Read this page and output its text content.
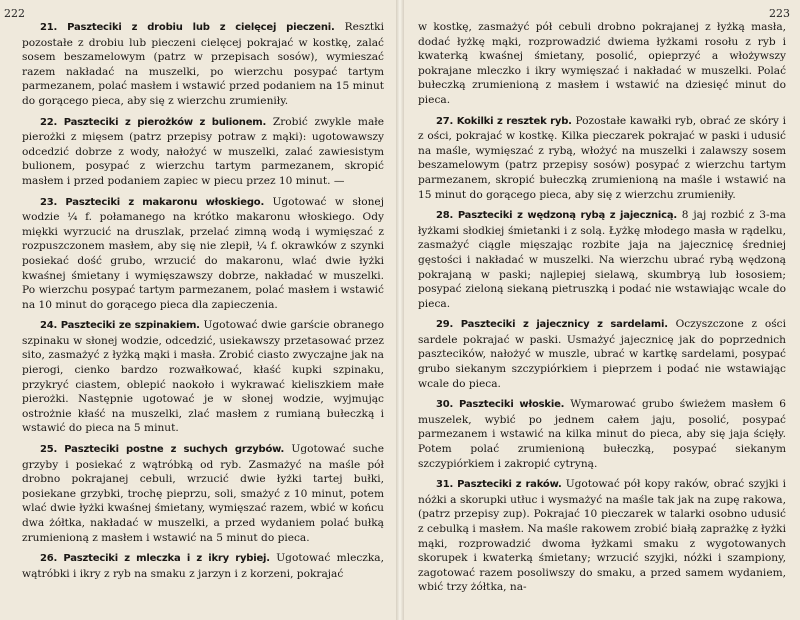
222

21. Paszteciki z drobiu lub z cielęcej pieczeni. Resztki pozostałe z drobiu lub pieczeni cielęcej pokrajać w kostkę, zalać sosem beszamelowym (patrz w przepisach sosów), wymieszać razem nakładać na muszelki, po wierzchu posypać tartym parmezanem, polać masłem i wstawić przed podaniem na 15 minut do gorącego pieca, aby się z wierzchu zrumieniły.

22. Paszteciki z pierożków z bulionem. Zrobić zwykle małe pierożki z mięsem (patrz przepisy potraw z mąki): ugotowawszy odcedzić dobrze z wody, nałożyć w muszelki, zalać zawiesistym bulionem, posypać z wierzchu tartym parmezanem, skropić masłem i przed podaniem zapiec w piecu przez 10 minut. —

23. Paszteciki z makaronu włoskiego. Ugotować w słonej wodzie ¼ f. połamanego na krótko makaronu włoskiego. Ody miękki wyrzucić na druszlak, przelać zimną wodą i wymięszać z rozpuszczonem masłem, aby się nie zlepił, ¼ f. okrawków z szynki posiekać dość grubo, wrzucić do makaronu, wlać dwie łyżki kwaśnej śmietany i wymięszawszy dobrze, nakładać w muszelki. Po wierzchu posypać tartym parmezanem, polać masłem i wstawić na 10 minut do gorącego pieca dla zapieczenia.

24. Paszteciki ze szpinakiem. Ugotować dwie garście obranego szpinaku w słonej wodzie, odcedzić, usiekawszy przetasować przez sito, zasmażyć z łyżką mąki i masła. Zrobić ciasto zwyczajne jak na pierogi, cienko bardzo rozwałkować, kłaść kupki szpinaku, przykryć ciastem, oblepić naokoło i wykrawać kieliszkiem małe pierożki. Następnie ugotować je w słonej wodzie, wyjmując ostrożnie kłaść na muszelki, zlać masłem z rumianą bułeczką i wstawić do pieca na 5 minut.

25. Paszteciki postne z suchych grzybów. Ugotować suche grzyby i posiekać z wątróbką od ryb. Zasmażyć na maśle pół drobno pokrajanej cebuli, wrzucić dwie łyżki tartej bułki, posiekane grzybki, trochę pieprzu, soli, smażyć z 10 minut, potem wlać dwie łyżki kwaśnej śmietany, wymięszać razem, wbić w końcu dwa żółtka, nakładać w muszelki, a przed wydaniem polać bułką zrumienioną z masłem i wstawić na 5 minut do pieca.

26. Paszteciki z mleczka i z ikry rybiej. Ugotować mleczka, wątróbki i ikry z ryb na smaku z jarzyn i z korzeni, pokrajać

223

w kostkę, zasmażyć pół cebuli drobno pokrajanej z łyżką masła, dodać łyżkę mąki, rozprowadzić dwiema łyżkami rosołu z ryb i kwaterką kwaśnej śmietany, posolić, opieprzyć a włożywszy pokrajane mleczko i ikry wymięszać i nakładać w muszelki. Polać bułeczką zrumienioną z masłem i wstawić na dziesięć minut do pieca.

27. Kokilki z resztek ryb. Pozostałe kawałki ryb, obrać ze skóry i z ości, pokrajać w kostkę. Kilka pieczarek pokrajać w paski i udusić na maśle, wymięszać z rybą, włożyć na muszelki i zalawszy sosem beszamelowym (patrz przepisy sosów) posypać z wierzchu tartym parmezanem, skropić bułeczką zrumienioną na maśle i wstawić na 15 minut do gorącego pieca, aby się z wierzchu zrumieniły.

28. Paszteciki z wędzoną rybą z jajecznicą. 8 jaj rozbić z 3-ma łyżkami słodkiej śmietanki i z solą. Łyżkę młodego masła w rądelku, zasmażyć ciągle mięszając rozbite jaja na jajecznicę średniej gęstości i nakładać w muszelki. Na wierzchu ubrać rybą wędzoną pokrajaną w paski; najlepiej sielawą, skumbryą lub łososiem; posypać zieloną siekaną pietruszką i podać nie wstawiając wcale do pieca.

29. Paszteciki z jajecznicy z sardelami. Oczyszczone z ości sardele pokrajać w paski. Usmażyć jajecznicę jak do poprzednich pasztecików, nałożyć w muszle, ubrać w kartkę sardelami, posypać grubo siekanym szczypiórkiem i pieprzem i podać nie wstawiając wcale do pieca.

30. Paszteciki włoskie. Wymarować grubo świeżem masłem 6 muszelek, wybić po jednem całem jaju, posolić, posypać parmezanem i wstawić na kilka minut do pieca, aby się jaja ścięły. Potem polać zrumienioną bułeczką, posypać siekanym szczypiórkiem i zakropić cytryną.

31. Paszteciki z raków. Ugotować pół kopy raków, obrać szyjki i nóżki a skorupki utłuc i wysmażyć na maśle tak jak na zupę rakowa, (patrz przepisy zup). Pokrajać 10 pieczarek w talarki osobno udusić z cebulką i masłem. Na maśle rakowem zrobić białą zaprażkę z łyżki mąki, rozprowadzić dwoma łyżkami smaku z wygotowanych skorupek i kwaterką śmietany; wrzucić szyjki, nóżki i szampiony, zagotować razem posoliwszy do smaku, a przed samem wydaniem, wbić trzy żółtka, na-
